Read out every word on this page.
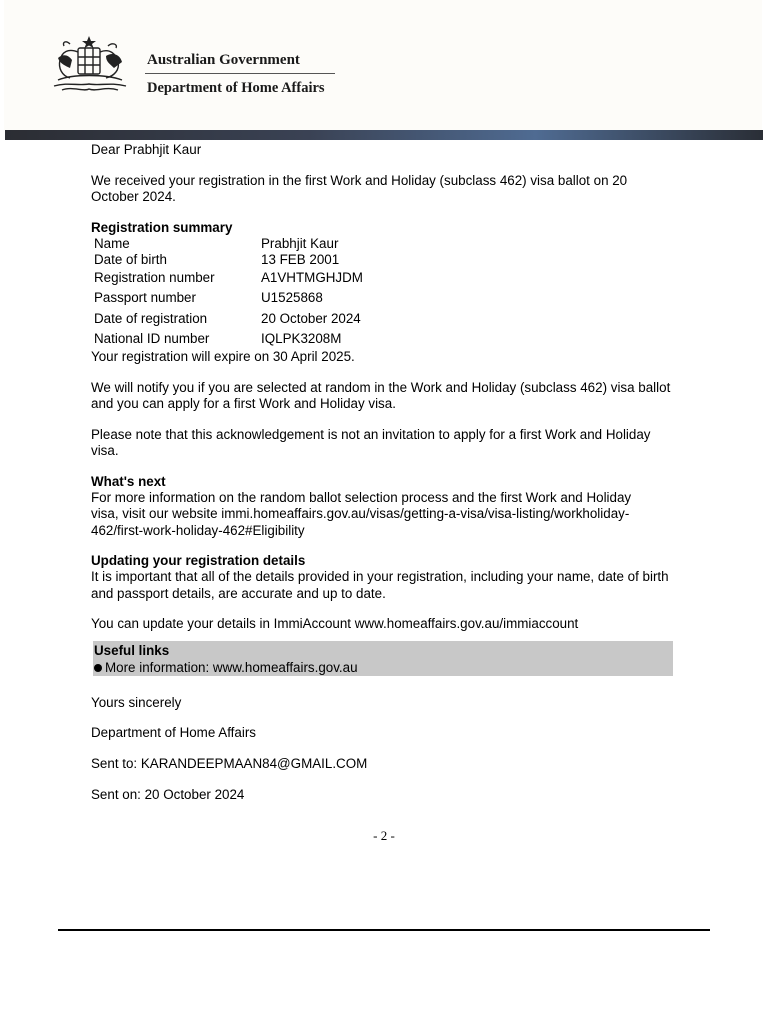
Australian Government
Department of Home Affairs

Dear Prabhjit Kaur

We received your registration in the first Work and Holiday (subclass 462) visa ballot on 20 October 2024.

Registration summary

Name	Prabhjit Kaur
Date of birth	13 FEB 2001
Registration number	A1VHTMGHJDM
Passport number	U1525868
Date of registration	20 October 2024
National ID number	IQLPK3208M

Your registration will expire on 30 April 2025.

We will notify you if you are selected at random in the Work and Holiday (subclass 462) visa ballot and you can apply for a first Work and Holiday visa.

Please note that this acknowledgement is not an invitation to apply for a first Work and Holiday visa.

What's next

For more information on the random ballot selection process and the first Work and Holiday

visa, visit our website immi.homeaffairs.gov.au/visas/getting-a-visa/visa-listing/workholiday-

462/first-work-holiday-462#Eligibility

Updating your registration details

It is important that all of the details provided in your registration, including your name, date of birth and passport details, are accurate and up to date.

You can update your details in ImmiAccount www.homeaffairs.gov.au/immiaccount

Useful links
More information: www.homeaffairs.gov.au

Yours sincerely

Department of Home Affairs

Sent to: KARANDEEPMAAN84@GMAIL.COM

Sent on: 20 October 2024

- 2 -
